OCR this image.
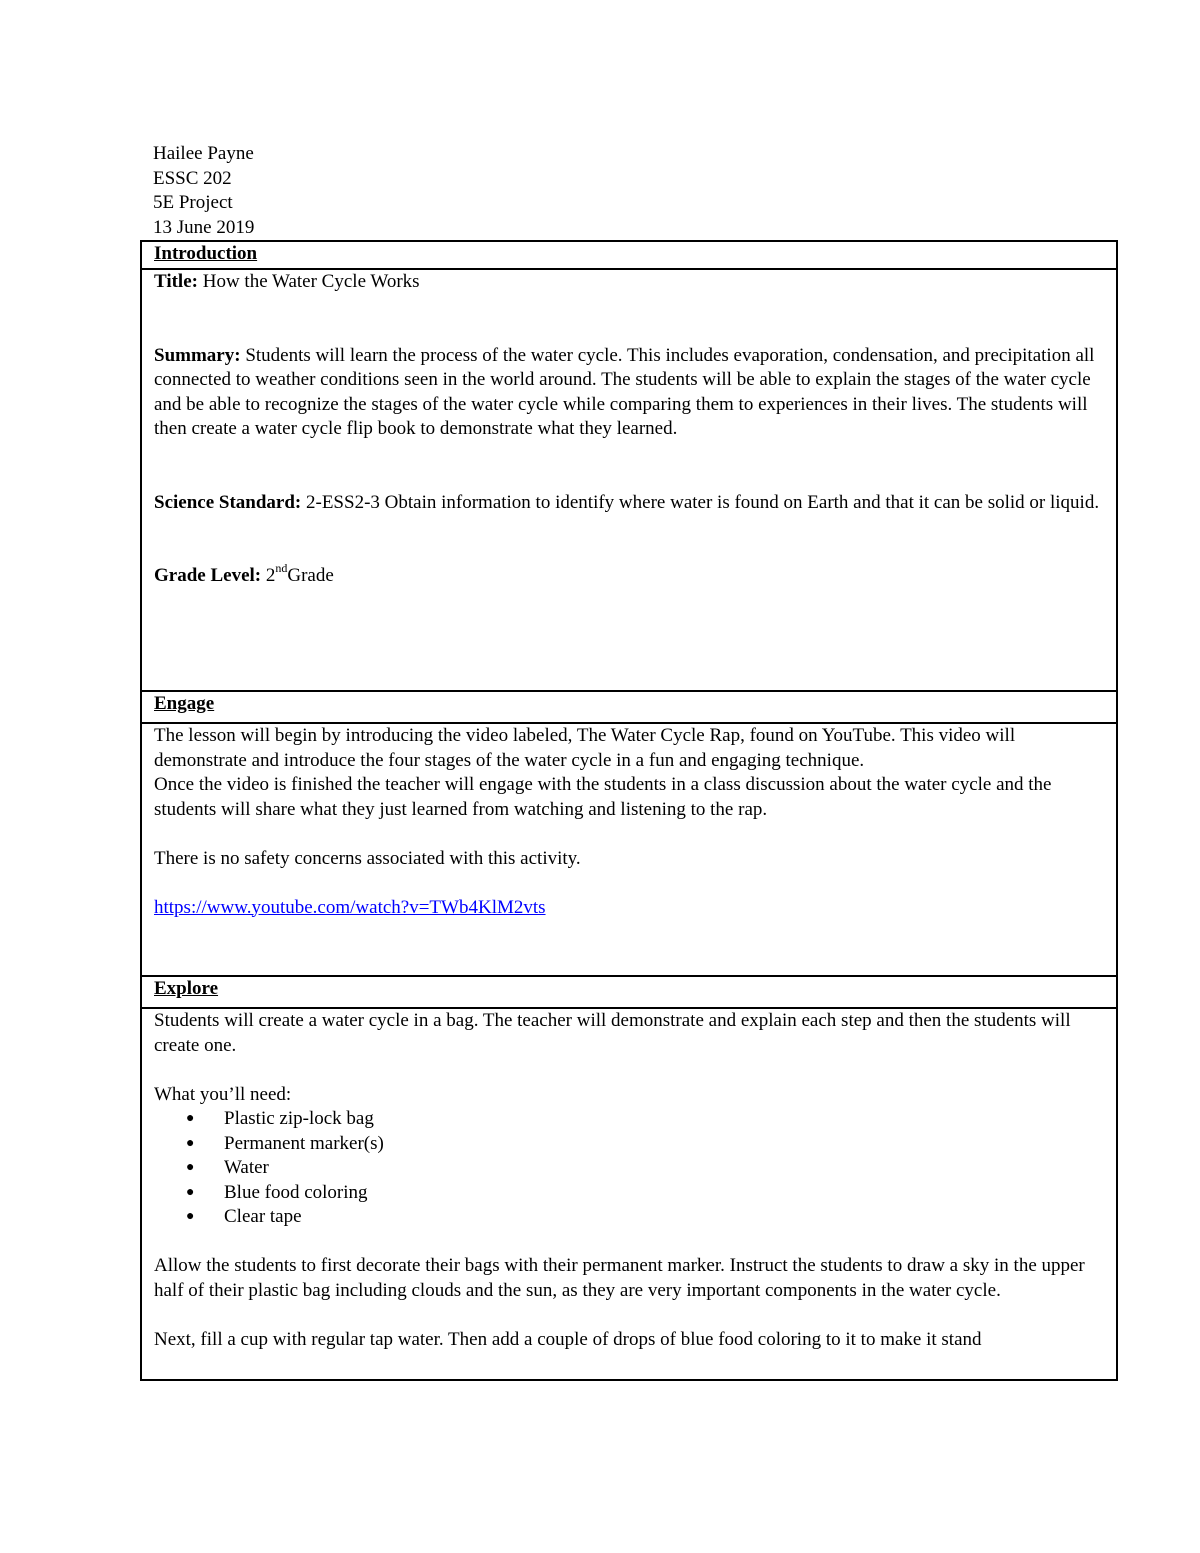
Hailee Payne
ESSC 202
5E Project
13 June 2019
Introduction

Title: How the Water Cycle Works
Summary: Students will learn the process of the water cycle. This includes evaporation, condensation, and precipitation all connected to weather conditions seen in the world around. The students will be able to explain the stages of the water cycle and be able to recognize the stages of the water cycle while comparing them to experiences in their lives. The students will then create a water cycle flip book to demonstrate what they learned.
Science Standard: 2-ESS2-3 Obtain information to identify where water is found on Earth and that it can be solid or liquid.
Grade Level: 2ndGrade

Engage

The lesson will begin by introducing the video labeled, The Water Cycle Rap, found on YouTube. This video will demonstrate and introduce the four stages of the water cycle in a fun and engaging technique.
Once the video is finished the teacher will engage with the students in a class discussion about the water cycle and the students will share what they just learned from watching and listening to the rap.
There is no safety concerns associated with this activity.
https://www.youtube.com/watch?v=TWb4KlM2vts

Explore

Students will create a water cycle in a bag. The teacher will demonstrate and explain each step and then the students will create one.
What you’ll need:
● Plastic zip-lock bag
● Permanent marker(s)
● Water
● Blue food coloring
● Clear tape
Allow the students to first decorate their bags with their permanent marker. Instruct the students to draw a sky in the upper half of their plastic bag including clouds and the sun, as they are very important components in the water cycle.
Next, fill a cup with regular tap water. Then add a couple of drops of blue food coloring to it to make it stand
